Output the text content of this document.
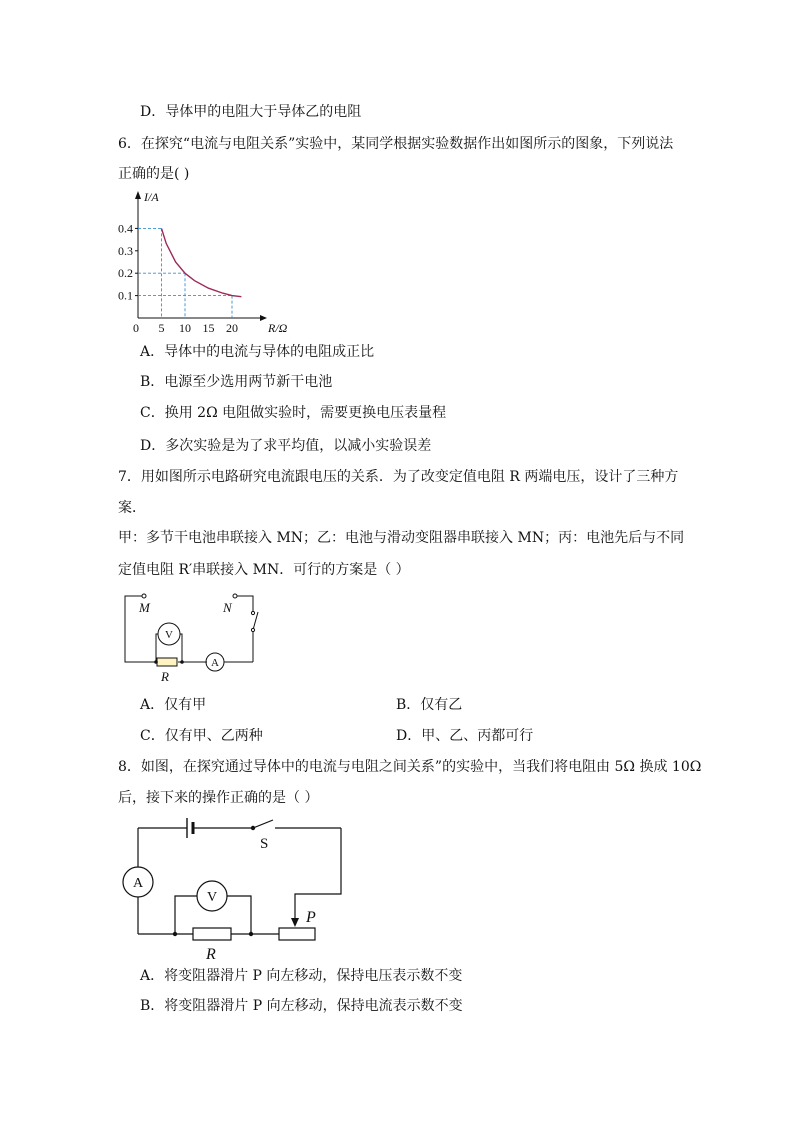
D．导体甲的电阻大于导体乙的电阻
6．在探究“电流与电阻关系”实验中，某同学根据实验数据作出如图所示的图象，下列说法
正确的是( )
0.1
0.2
0.3
0.4
0 5 10 15 20
I/A
R/Ω
A．导体中的电流与导体的电阻成正比
B．电源至少选用两节新干电池
C．换用 2Ω 电阻做实验时，需要更换电压表量程
D．多次实验是为了求平均值，以减小实验误差
7．用如图所示电路研究电流跟电压的关系．为了改变定值电阻 R 两端电压，设计了三种方
案．
甲：多节干电池串联接入 MN；乙：电池与滑动变阻器串联接入 MN；丙：电池先后与不同
定值电阻 R′串联接入 MN．可行的方案是（ ）
M	N
V
A
R
A．仅有甲	B．仅有乙
C．仅有甲、乙两种	D．甲、乙、丙都可行
8．如图，在探究通过导体中的电流与电阻之间关系”的实验中，当我们将电阻由 5Ω 换成 10Ω
后，接下来的操作正确的是（ ）
S
A
V
P
R
A．将变阻器滑片 P 向左移动，保持电压表示数不变
B．将变阻器滑片 P 向左移动，保持电流表示数不变
